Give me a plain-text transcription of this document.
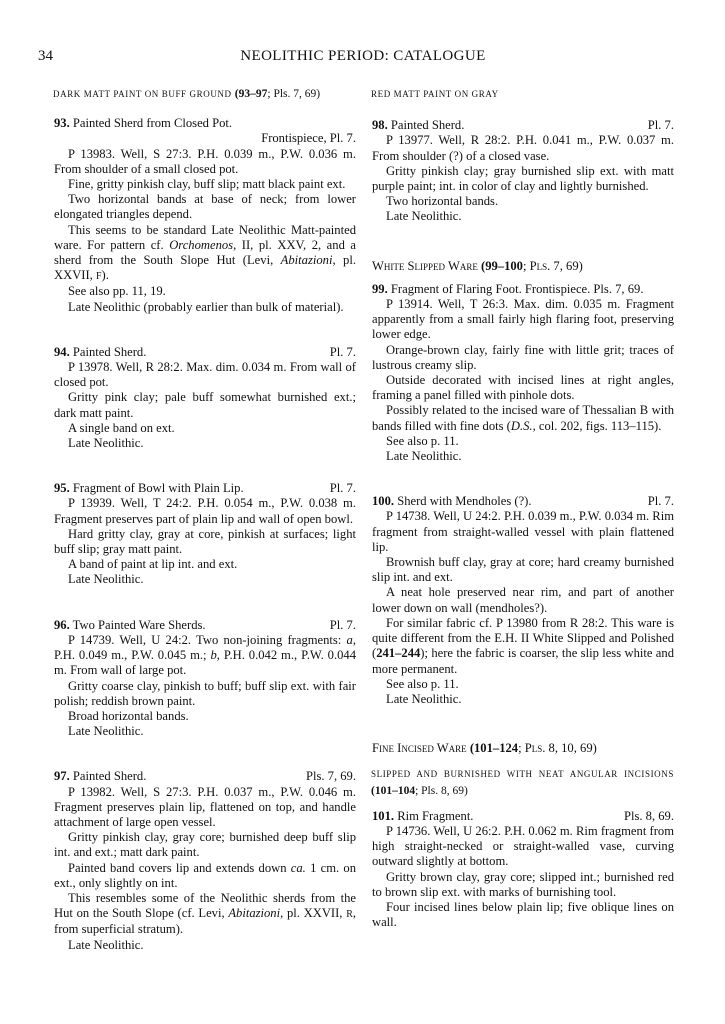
34	NEOLITHIC PERIOD: CATALOGUE
DARK MATT PAINT ON BUFF GROUND (93–97; Pls. 7, 69)
93. Painted Sherd from Closed Pot.
Frontispiece, Pl. 7.

P 13983. Well, S 27:3. P.H. 0.039 m., P.W. 0.036 m. From shoulder of a small closed pot.

Fine, gritty pinkish clay, buff slip; matt black paint ext.

Two horizontal bands at base of neck; from lower elongated triangles depend.

This seems to be standard Late Neolithic Matt-painted ware. For pattern cf. Orchomenos, II, pl. XXV, 2, and a sherd from the South Slope Hut (Levi, Abitazioni, pl. XXVII, F).

See also pp. 11, 19.

Late Neolithic (probably earlier than bulk of material).

94. Painted Sherd.	Pl. 7.

P 13978. Well, R 28:2. Max. dim. 0.034 m. From wall of closed pot.

Gritty pink clay; pale buff somewhat burnished ext.; dark matt paint.

A single band on ext.

Late Neolithic.

95. Fragment of Bowl with Plain Lip.	Pl. 7.

P 13939. Well, T 24:2. P.H. 0.054 m., P.W. 0.038 m. Fragment preserves part of plain lip and wall of open bowl.

Hard gritty clay, gray at core, pinkish at surfaces; light buff slip; gray matt paint.

A band of paint at lip int. and ext.

Late Neolithic.

96. Two Painted Ware Sherds.	Pl. 7.

P 14739. Well, U 24:2. Two non-joining fragments: a, P.H. 0.049 m., P.W. 0.045 m.; b, P.H. 0.042 m., P.W. 0.044 m. From wall of large pot.

Gritty coarse clay, pinkish to buff; buff slip ext. with fair polish; reddish brown paint.

Broad horizontal bands.

Late Neolithic.

97. Painted Sherd.	Pls. 7, 69.

P 13982. Well, S 27:3. P.H. 0.037 m., P.W. 0.046 m. Fragment preserves plain lip, flattened on top, and handle attachment of large open vessel.

Gritty pinkish clay, gray core; burnished deep buff slip int. and ext.; matt dark paint.

Painted band covers lip and extends down ca. 1 cm. on ext., only slightly on int.

This resembles some of the Neolithic sherds from the Hut on the South Slope (cf. Levi, Abitazioni, pl. XXVII, R, from superficial stratum).

Late Neolithic.

RED MATT PAINT ON GRAY
98. Painted Sherd.	Pl. 7.

P 13977. Well, R 28:2. P.H. 0.041 m., P.W. 0.037 m. From shoulder (?) of a closed vase.

Gritty pinkish clay; gray burnished slip ext. with matt purple paint; int. in color of clay and lightly burnished.

Two horizontal bands.

Late Neolithic.

White Slipped Ware (99–100; Pls. 7, 69)
99. Fragment of Flaring Foot. Frontispiece. Pls. 7, 69.

P 13914. Well, T 26:3. Max. dim. 0.035 m. Fragment apparently from a small fairly high flaring foot, preserving lower edge.

Orange-brown clay, fairly fine with little grit; traces of lustrous creamy slip.

Outside decorated with incised lines at right angles, framing a panel filled with pinhole dots.

Possibly related to the incised ware of Thessalian B with bands filled with fine dots (D.S., col. 202, figs. 113–115).

See also p. 11.

Late Neolithic.

100. Sherd with Mendholes (?).	Pl. 7.

P 14738. Well, U 24:2. P.H. 0.039 m., P.W. 0.034 m. Rim fragment from straight-walled vessel with plain flattened lip.

Brownish buff clay, gray at core; hard creamy burnished slip int. and ext.

A neat hole preserved near rim, and part of another lower down on wall (mendholes?).

For similar fabric cf. P 13980 from R 28:2. This ware is quite different from the E.H. II White Slipped and Polished (241–244); here the fabric is coarser, the slip less white and more permanent.

See also p. 11.

Late Neolithic.

Fine Incised Ware (101–124; Pls. 8, 10, 69)
SLIPPED AND BURNISHED WITH NEAT ANGULAR INCISIONS (101–104; Pls. 8, 69)
101. Rim Fragment.	Pls. 8, 69.

P 14736. Well, U 26:2. P.H. 0.062 m. Rim fragment from high straight-necked or straight-walled vase, curving outward slightly at bottom.

Gritty brown clay, gray core; slipped int.; burnished red to brown slip ext. with marks of burnishing tool.

Four incised lines below plain lip; five oblique lines on wall.
